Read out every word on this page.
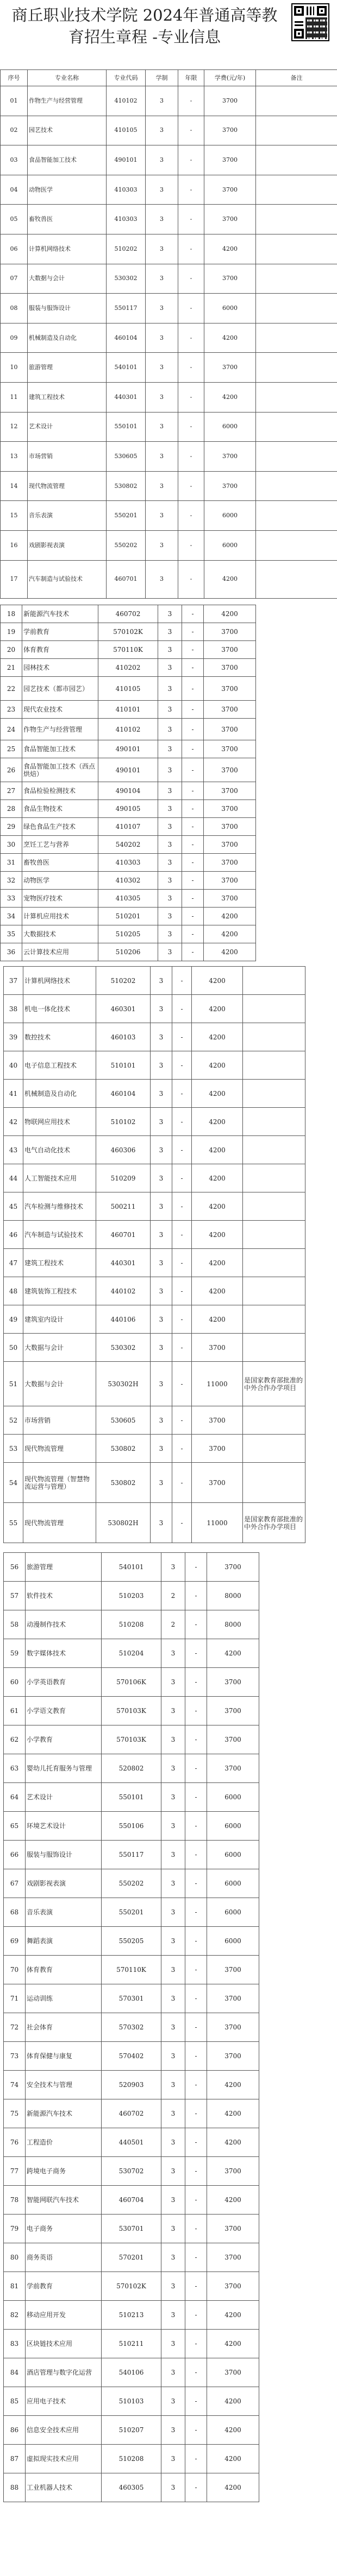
商丘职业技术学院 2024年普通高等教育招生章程 -专业信息
序号	专业名称	专业代码	学制	年限	学费(元/年)	备注
01	作物生产与经营管理	410102	3	-	3700	
02	园艺技术	410105	3	-	3700	
03	食品智能加工技术	490101	3	-	3700	
04	动物医学	410303	3	-	3700	
05	畜牧兽医	410303	3	-	3700	
06	计算机网络技术	510202	3	-	4200	
07	大数据与会计	530302	3	-	3700	
08	服装与服饰设计	550117	3	-	6000	
09	机械制造及自动化	460104	3	-	4200	
10	旅游管理	540101	3	-	3700	
11	建筑工程技术	440301	3	-	4200	
12	艺术设计	550101	3	-	6000	
13	市场营销	530605	3	-	3700	
14	现代物流管理	530802	3	-	3700	
15	音乐表演	550201	3	-	6000	
16	戏剧影视表演	550202	3	-	6000	
17	汽车制造与试验技术	460701	3	-	4200	
18	新能源汽车技术	460702	3	-	4200
19	学前教育	570102K	3	-	3700
20	体育教育	570110K	3	-	3700
21	园林技术	410202	3	-	3700
22	园艺技术（都市园艺）	410105	3	-	3700
23	现代农业技术	410101	3	-	3700
24	作物生产与经营管理	410102	3	-	3700
25	食品智能加工技术	490101	3	-	3700
26	食品智能加工技术（西点烘焙）	490101	3	-	3700
27	食品检验检测技术	490104	3	-	3700
28	食品生物技术	490105	3	-	3700
29	绿色食品生产技术	410107	3	-	3700
30	烹饪工艺与营养	540202	3	-	3700
31	畜牧兽医	410303	3	-	3700
32	动物医学	410302	3	-	3700
33	宠物医疗技术	410305	3	-	3700
34	计算机应用技术	510201	3	-	4200
35	大数据技术	510205	3	-	4200
36	云计算技术应用	510206	3	-	4200
37	计算机网络技术	510202	3	-	4200	
38	机电一体化技术	460301	3	-	4200	
39	数控技术	460103	3	-	4200	
40	电子信息工程技术	510101	3	-	4200	
41	机械制造及自动化	460104	3	-	4200	
42	物联网应用技术	510102	3	-	4200	
43	电气自动化技术	460306	3	-	4200	
44	人工智能技术应用	510209	3	-	4200	
45	汽车检测与维修技术	500211	3	-	4200	
46	汽车制造与试验技术	460701	3	-	4200	
47	建筑工程技术	440301	3	-	4200	
48	建筑装饰工程技术	440102	3	-	4200	
49	建筑室内设计	440106	3	-	4200	
50	大数据与会计	530302	3	-	3700	
51	大数据与会计	530302H	3	-	11000	是国家教育部批准的中外合作办学项目
52	市场营销	530605	3	-	3700	
53	现代物流管理	530802	3	-	3700	
54	现代物流管理（智慧物流运营与管理）	530802	3	-	3700	
55	现代物流管理	530802H	3	-	11000	是国家教育部批准的中外合作办学项目
56	旅游管理	540101	3	-	3700
57	软件技术	510203	2	-	8000
58	动漫制作技术	510208	2	-	8000
59	数字媒体技术	510204	3	-	4200
60	小学英语教育	570106K	3	-	3700
61	小学语文教育	570103K	3	-	3700
62	小学教育	570103K	3	-	3700
63	婴幼儿托育服务与管理	520802	3	-	3700
64	艺术设计	550101	3	-	6000
65	环境艺术设计	550106	3	-	6000
66	服装与服饰设计	550117	3	-	6000
67	戏剧影视表演	550202	3	-	6000
68	音乐表演	550201	3	-	6000
69	舞蹈表演	550205	3	-	6000
70	体育教育	570110K	3	-	3700
71	运动训练	570301	3	-	3700
72	社会体育	570302	3	-	3700
73	体育保健与康复	570402	3	-	3700
74	安全技术与管理	520903	3	-	4200
75	新能源汽车技术	460702	3	-	4200
76	工程造价	440501	3	-	4200
77	跨境电子商务	530702	3	-	3700
78	智能网联汽车技术	460704	3	-	4200
79	电子商务	530701	3	-	3700
80	商务英语	570201	3	-	3700
81	学前教育	570102K	3	-	3700
82	移动应用开发	510213	3	-	4200
83	区块链技术应用	510211	3	-	4200
84	酒店管理与数字化运营	540106	3	-	3700
85	应用电子技术	510103	3	-	4200
86	信息安全技术应用	510207	3	-	4200
87	虚拟现实技术应用	510208	3	-	4200
88	工业机器人技术	460305	3	-	4200
